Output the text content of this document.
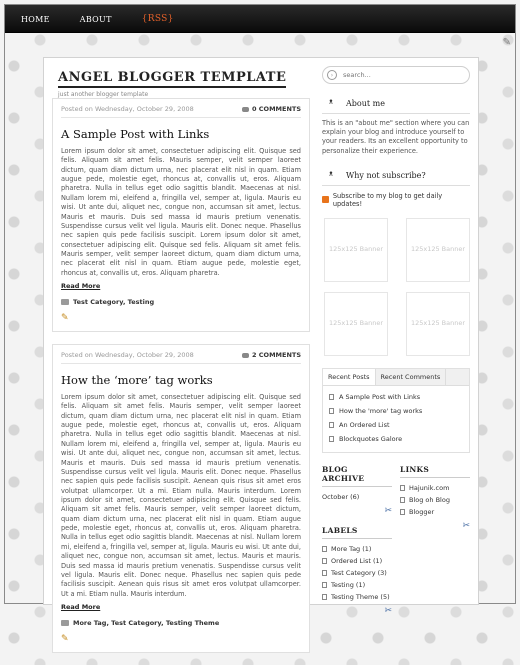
HOME	ABOUT	{RSS}
✎
ANGEL BLOGGER TEMPLATE
just another blogger template
Posted on Wednesday, October 29, 2008	0 COMMENTS
A Sample Post with Links
Lorem ipsum dolor sit amet, consectetuer adipiscing elit. Quisque sed felis. Aliquam sit amet felis. Mauris semper, velit semper laoreet dictum, quam diam dictum urna, nec placerat elit nisl in quam. Etiam augue pede, molestie eget, rhoncus at, convallis ut, eros. Aliquam pharetra. Nulla in tellus eget odio sagittis blandit. Maecenas at nisl. Nullam lorem mi, eleifend a, fringilla vel, semper at, ligula. Mauris eu wisi. Ut ante dui, aliquet nec, congue non, accumsan sit amet, lectus. Mauris et mauris. Duis sed massa id mauris pretium venenatis. Suspendisse cursus velit vel ligula. Mauris elit. Donec neque. Phasellus nec sapien quis pede facilisis suscipit. Lorem ipsum dolor sit amet, consectetuer adipiscing elit. Quisque sed felis. Aliquam sit amet felis. Mauris semper, velit semper laoreet dictum, quam diam dictum urna, nec placerat elit nisl in quam. Etiam augue pede, molestie eget, rhoncus at, convallis ut, eros. Aliquam pharetra.
Read More
Test Category, Testing
✎
Posted on Wednesday, October 29, 2008	2 COMMENTS
How the ‘more’ tag works
Lorem ipsum dolor sit amet, consectetuer adipiscing elit. Quisque sed felis. Aliquam sit amet felis. Mauris semper, velit semper laoreet dictum, quam diam dictum urna, nec placerat elit nisl in quam. Etiam augue pede, molestie eget, rhoncus at, convallis ut, eros. Aliquam pharetra. Nulla in tellus eget odio sagittis blandit. Maecenas at nisl. Nullam lorem mi, eleifend a, fringilla vel, semper at, ligula. Mauris eu wisi. Ut ante dui, aliquet nec, congue non, accumsan sit amet, lectus. Mauris et mauris. Duis sed massa id mauris pretium venenatis. Suspendisse cursus velit vel ligula. Mauris elit. Donec neque. Phasellus nec sapien quis pede facilisis suscipit. Aenean quis risus sit amet eros volutpat ullamcorper. Ut a mi. Etiam nulla. Mauris interdum. Lorem ipsum dolor sit amet, consectetuer adipiscing elit. Quisque sed felis. Aliquam sit amet felis. Mauris semper, velit semper laoreet dictum, quam diam dictum urna, nec placerat elit nisl in quam. Etiam augue pede, molestie eget, rhoncus at, convallis ut, eros. Aliquam pharetra. Nulla in tellus eget odio sagittis blandit. Maecenas at nisl. Nullam lorem mi, eleifend a, fringilla vel, semper at, ligula. Mauris eu wisi. Ut ante dui, aliquet nec, congue non, accumsan sit amet, lectus. Mauris et mauris. Duis sed massa id mauris pretium venenatis. Suspendisse cursus velit vel ligula. Mauris elit. Donec neque. Phasellus nec sapien quis pede facilisis suscipit. Aenean quis risus sit amet eros volutpat ullamcorper. Ut a mi. Etiam nulla. Mauris interdum.
Read More
More Tag, Test Category, Testing Theme
✎
›
search...
ᵜ	About me
This is an "about me" section where you can explain your blog and introduce yourself to your readers. Its an excellent opportunity to personalize their experience.
ᵜ	Why not subscribe?
Subscribe to my blog to get daily updates!
125x125 Banner	125x125 Banner
125x125 Banner	125x125 Banner
Recent Posts	Recent Comments
A Sample Post with Links
How the 'more' tag works
An Ordered List
Blockquotes Galore
BLOG ARCHIVE
October (6)
✂
LABELS
More Tag (1)
Ordered List (1)
Test Category (3)
Testing (1)
Testing Theme (5)
✂
LINKS
Hajunik.com
Blog oh Blog
Blogger
✂
